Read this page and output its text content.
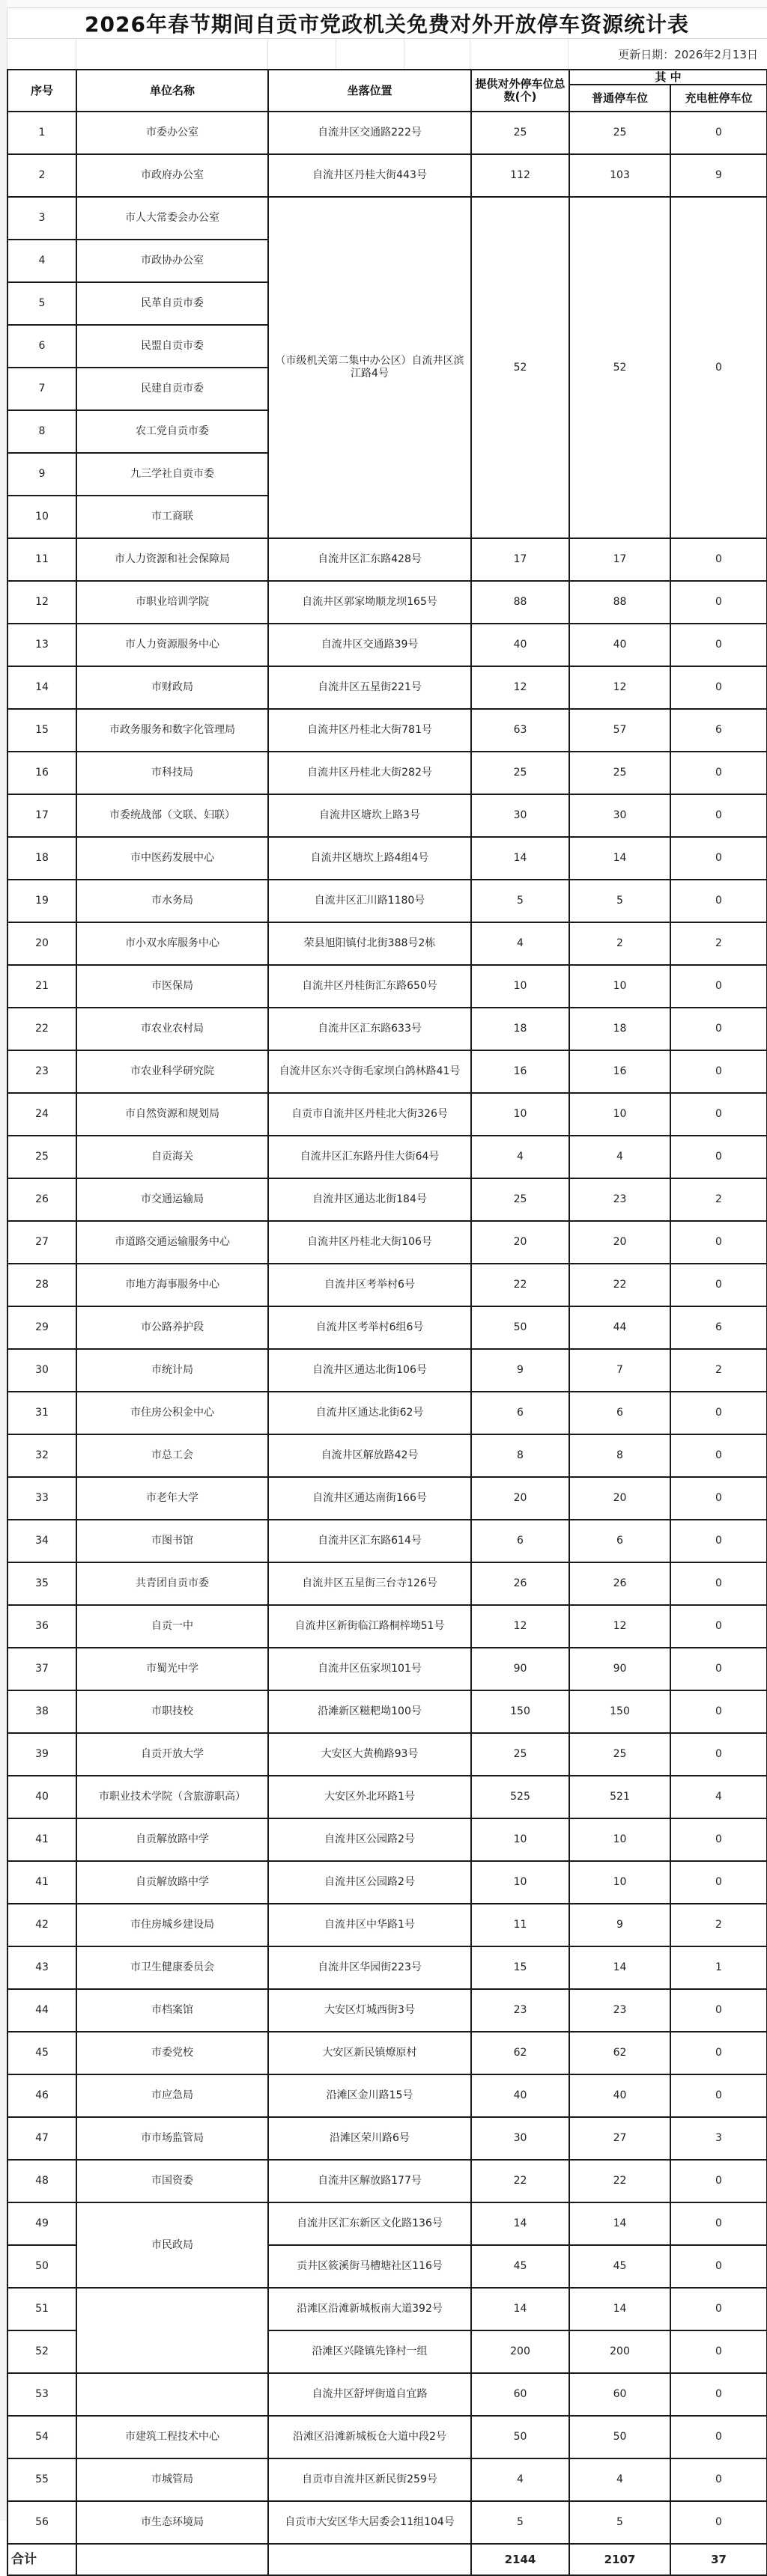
2026年春节期间自贡市党政机关免费对外开放停车资源统计表
更新日期：2026年2月13日
序号	单位名称	坐落位置	提供对外停车位总数(个)	其 中	
				普通停车位	充电桩停车位
1	市委办公室	自流井区交通路222号	25	25	0
2	市政府办公室	自流井区丹桂大街443号	112	103	9
3	市人大常委会办公室	（市级机关第二集中办公区）自流井区滨江路4号	52	52	0
4	市政协办公室				
5	民革自贡市委				
6	民盟自贡市委				
7	民建自贡市委				
8	农工党自贡市委				
9	九三学社自贡市委				
10	市工商联				
11	市人力资源和社会保障局	自流井区汇东路428号	17	17	0
12	市职业培训学院	自流井区郭家坳顺龙坝165号	88	88	0
13	市人力资源服务中心	自流井区交通路39号	40	40	0
14	市财政局	自流井区五星街221号	12	12	0
15	市政务服务和数字化管理局	自流井区丹桂北大街781号	63	57	6
16	市科技局	自流井区丹桂北大街282号	25	25	0
17	市委统战部（文联、妇联）	自流井区塘坎上路3号	30	30	0
18	市中医药发展中心	自流井区塘坎上路4组4号	14	14	0
19	市水务局	自流井区汇川路1180号	5	5	0
20	市小双水库服务中心	荣县旭阳镇付北街388号2栋	4	2	2
21	市医保局	自流井区丹桂街汇东路650号	10	10	0
22	市农业农村局	自流井区汇东路633号	18	18	0
23	市农业科学研究院	自流井区东兴寺街毛家坝白鸽林路41号	16	16	0
24	市自然资源和规划局	自贡市自流井区丹桂北大街326号	10	10	0
25	自贡海关	自流井区汇东路丹佳大街64号	4	4	0
26	市交通运输局	自流井区通达北街184号	25	23	2
27	市道路交通运输服务中心	自流井区丹桂北大街106号	20	20	0
28	市地方海事服务中心	自流井区考举村6号	22	22	0
29	市公路养护段	自流井区考举村6组6号	50	44	6
30	市统计局	自流井区通达北街106号	9	7	2
31	市住房公积金中心	自流井区通达北街62号	6	6	0
32	市总工会	自流井区解放路42号	8	8	0
33	市老年大学	自流井区通达南街166号	20	20	0
34	市图书馆	自流井区汇东路614号	6	6	0
35	共青团自贡市委	自流井区五星街三台寺126号	26	26	0
36	自贡一中	自流井区新街临江路桐梓坳51号	12	12	0
37	市蜀光中学	自流井区伍家坝101号	90	90	0
38	市职技校	沿滩新区糍粑坳100号	150	150	0
39	自贡开放大学	大安区大黄桷路93号	25	25	0
40	市职业技术学院（含旅游职高）	大安区外北环路1号	525	521	4
41	自贡解放路中学	自流井区公园路2号	10	10	0
41	自贡解放路中学	自流井区公园路2号	10	10	0
42	市住房城乡建设局	自流井区中华路1号	11	9	2
43	市卫生健康委员会	自流井区华园街223号	15	14	1
44	市档案馆	大安区灯城西街3号	23	23	0
45	市委党校	大安区新民镇燎原村	62	62	0
46	市应急局	沿滩区金川路15号	40	40	0
47	市市场监管局	沿滩区荣川路6号	30	27	3
48	市国资委	自流井区解放路177号	22	22	0
49	市民政局	自流井区汇东新区文化路136号	14	14	0
50		贡井区筱溪街马槽塘社区116号	45	45	0
51		沿滩区沿滩新城板南大道392号	14	14	0
52		沿滩区兴隆镇先锋村一组	200	200	0
53		自流井区舒坪街道自宜路	60	60	0
54	市建筑工程技术中心	沿滩区沿滩新城板仓大道中段2号	50	50	0
55	市城管局	自贡市自流井区新民街259号	4	4	0
56	市生态环境局	自贡市大安区华大居委会11组104号	5	5	0
合计			2144	2107	37
